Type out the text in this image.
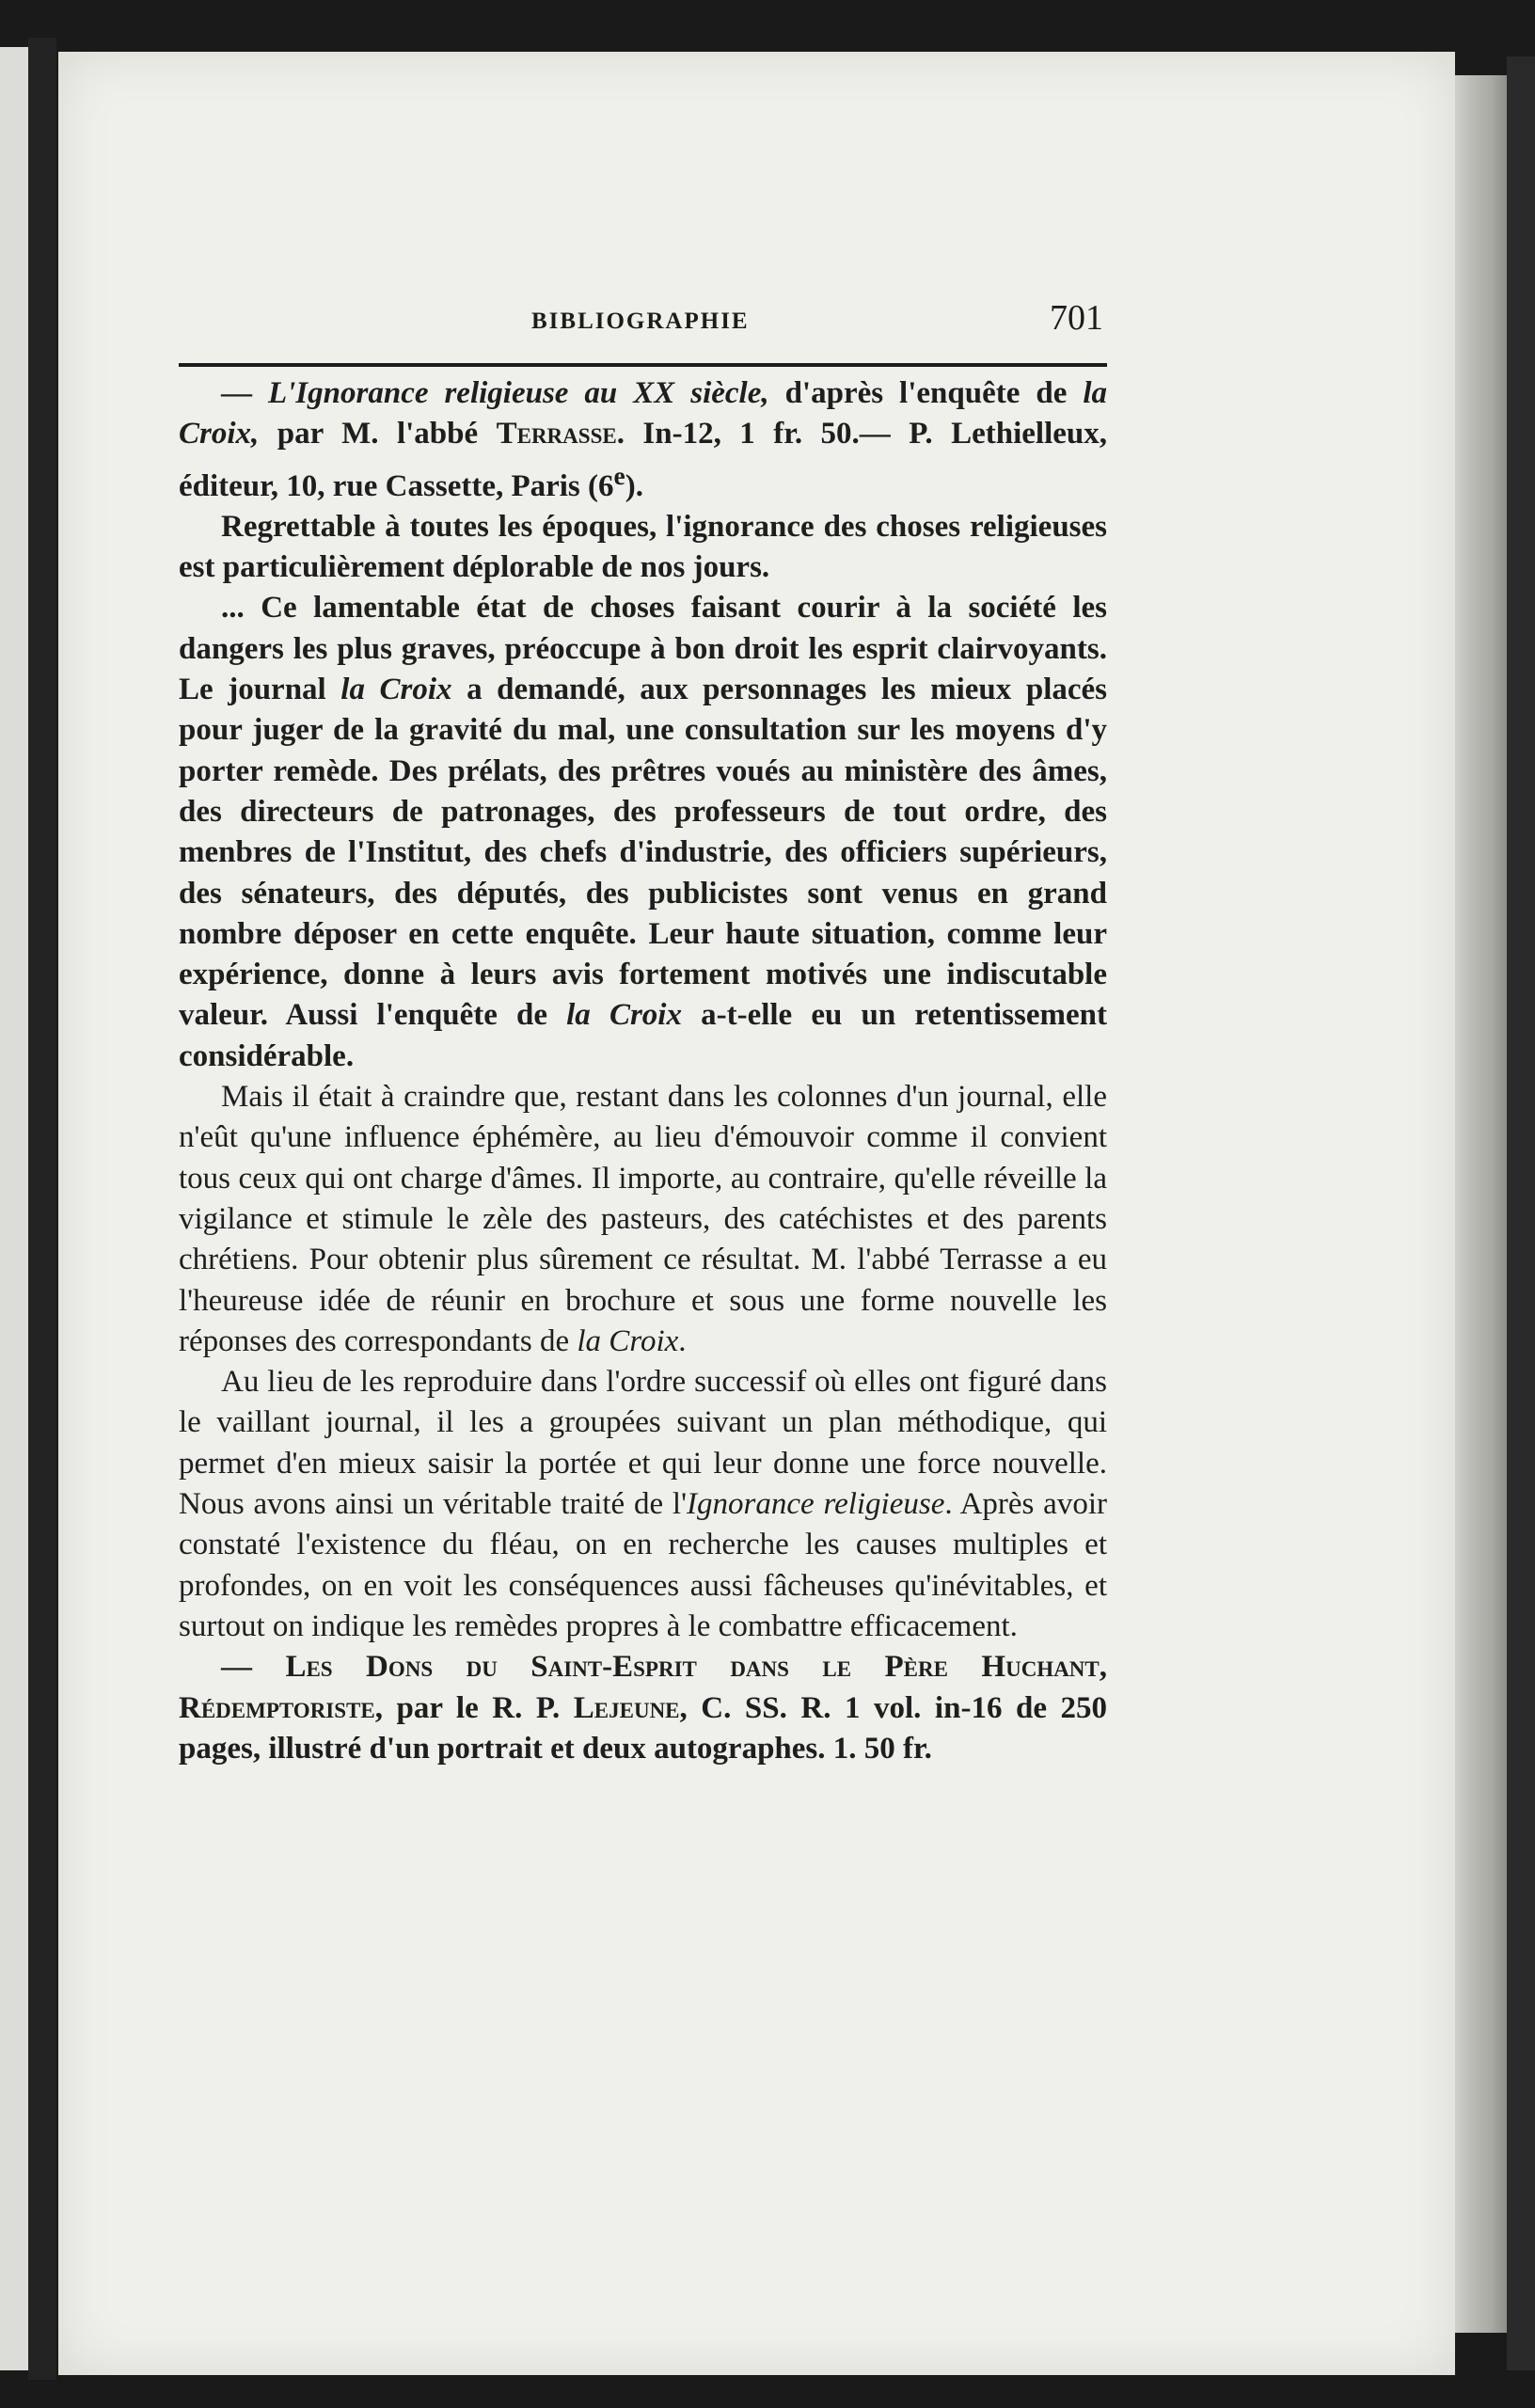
BIBLIOGRAPHIE	701

— L'Ignorance religieuse au XX siècle, d'après l'enquête de la Croix, par M. l'abbé Terrasse. In-12, 1 fr. 50.— P. Lethielleux, éditeur, 10, rue Cassette, Paris (6e).

Regrettable à toutes les époques, l'ignorance des choses religieuses est particulièrement déplorable de nos jours.

... Ce lamentable état de choses faisant courir à la société les dangers les plus graves, préoccupe à bon droit les esprit clairvoyants. Le journal la Croix a demandé, aux personnages les mieux placés pour juger de la gravité du mal, une consultation sur les moyens d'y porter remède. Des prélats, des prêtres voués au ministère des âmes, des directeurs de patronages, des professeurs de tout ordre, des menbres de l'Institut, des chefs d'industrie, des officiers supérieurs, des sénateurs, des députés, des publicistes sont venus en grand nombre déposer en cette enquête. Leur haute situation, comme leur expérience, donne à leurs avis fortement motivés une indiscutable valeur. Aussi l'enquête de la Croix a-t-elle eu un retentissement considérable.

Mais il était à craindre que, restant dans les colonnes d'un journal, elle n'eût qu'une influence éphémère, au lieu d'émouvoir comme il convient tous ceux qui ont charge d'âmes. Il importe, au contraire, qu'elle réveille la vigilance et stimule le zèle des pasteurs, des catéchistes et des parents chrétiens. Pour obtenir plus sûrement ce résultat. M. l'abbé Terrasse a eu l'heureuse idée de réunir en brochure et sous une forme nouvelle les réponses des correspondants de la Croix.

Au lieu de les reproduire dans l'ordre successif où elles ont figuré dans le vaillant journal, il les a groupées suivant un plan méthodique, qui permet d'en mieux saisir la portée et qui leur donne une force nouvelle. Nous avons ainsi un véritable traité de l'Ignorance religieuse. Après avoir constaté l'existence du fléau, on en recherche les causes multiples et profondes, on en voit les conséquences aussi fâcheuses qu'inévitables, et surtout on indique les remèdes propres à le combattre efficacement.

— Les Dons du Saint-Esprit dans le Père Huchant, Rédemptoriste, par le R. P. Lejeune, C. SS. R. 1 vol. in-16 de 250 pages, illustré d'un portrait et deux autographes. 1. 50 fr.
